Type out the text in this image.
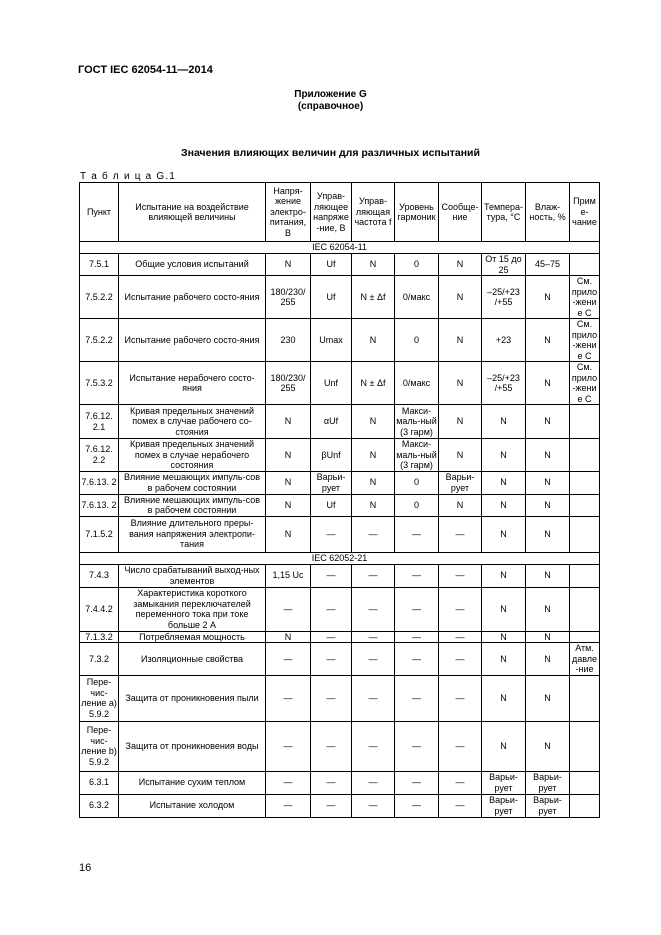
ГОСТ IEC 62054-11—2014
Приложение G
(справочное)
Значения влияющих величин для различных испытаний
Т а б л и ц а G.1
Пункт	Испытание на воздействие влияющей величины	Напря-жение электро-питания, В	Управ-ляющее напряже-ние, В	Управ-ляющая частота f	Уровень гармоник	Сообще-ние	Темпера-тура, °С	Влаж-ность, %	Приме-чание
IEC 62054-11									
7.5.1	Общие условия испытаний	N	Uf	N	0	N	От 15 до 25	45–75	
7.5.2.2	Испытание рабочего состо-яния	180/230/ 255	Uf	N ± Δf	0/макс	N	–25/+23 /+55	N	См. прило-жение С
7.5.2.2	Испытание рабочего состо-яния	230	Umax	N	0	N	+23	N	См. прило-жение С
7.5.3.2	Испытание нерабочего состо-яния	180/230/ 255	Unf	N ± Δf	0/макс	N	–25/+23 /+55	N	См. прило-жение С
7.6.12. 2.1	Кривая предельных значений помех в случае рабочего со-стояния	N	αUf	N	Макси-маль-ный (3 гарм)	N	N	N	
7.6.12. 2.2	Кривая предельных значений помех в случае нерабочего состояния	N	βUnf	N	Макси-маль-ный (3 гарм)	N	N	N	
7.6.13. 2	Влияние мешающих импуль-сов в рабочем состоянии	N	Варьи-рует	N	0	Варьи-рует	N	N	
7.6.13. 2	Влияние мешающих импуль-сов в рабочем состоянии	N	Uf	N	0	N	N	N	
7.1.5.2	Влияние длительного преры-вания напряжения электропи-тания	N	—	—	—	—	N	N	
IEC 62052-21									
7.4.3	Число срабатываний выход-ных элементов	1,15 Uc	—	—	—	—	N	N	
7.4.4.2	Характеристика короткого замыкания переключателей переменного тока при токе больше 2 А	—	—	—	—	—	N	N	
7.1.3.2	Потребляемая мощность	N	—	—	—	—	N	N	
7.3.2	Изоляционные свойства	—	—	—	—	—	N	N	Атм. давле-ние
Пере-чис-ление а) 5.9.2	Защита от проникновения пыли	—	—	—	—	—	N	N	
Пере-чис-ление b) 5.9.2	Защита от проникновения воды	—	—	—	—	—	N	N	
6.3.1	Испытание сухим теплом	—	—	—	—	—	Варьи-рует	Варьи-рует	
6.3.2	Испытание холодом	—	—	—	—	—	Варьи-рует	Варьи-рует	
16
